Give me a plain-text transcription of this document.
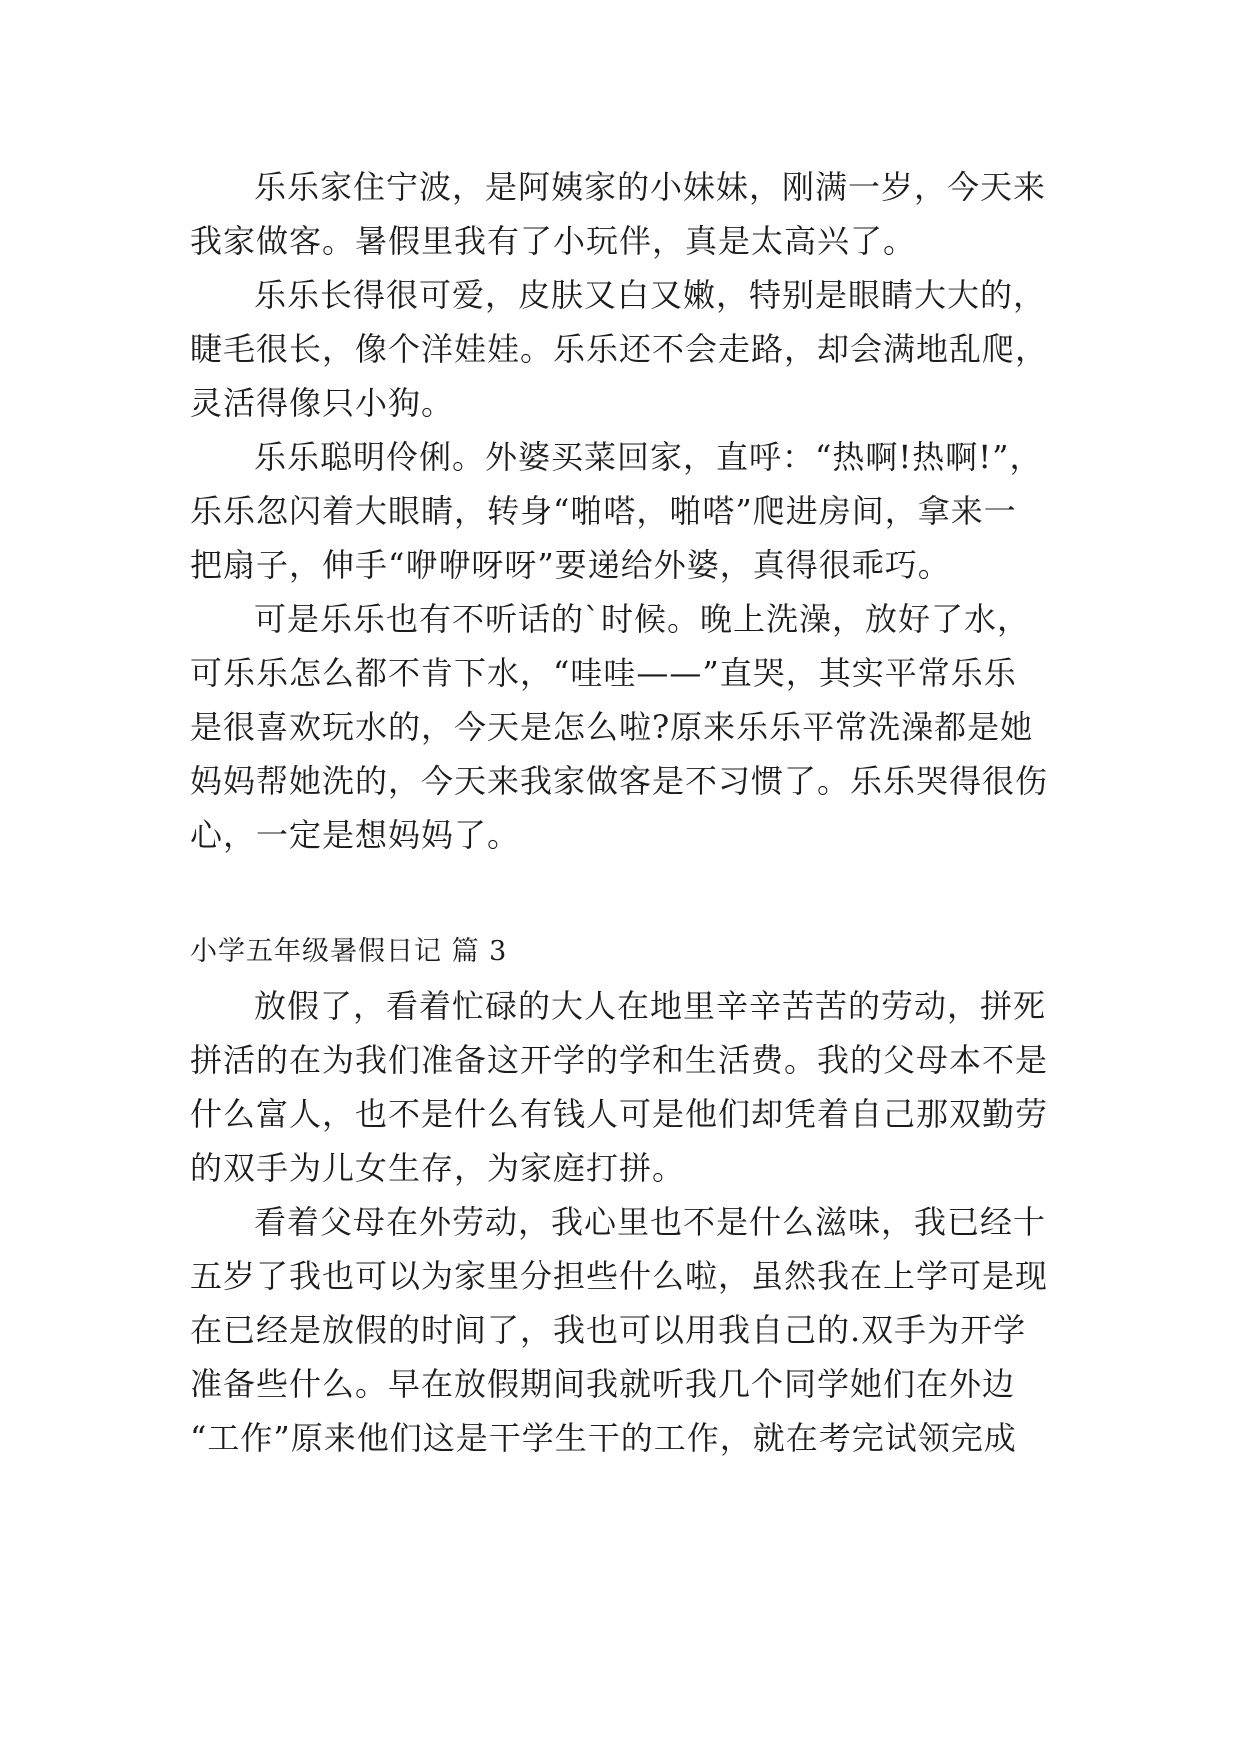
乐乐家住宁波，是阿姨家的小妹妹，刚满一岁，今天来
我家做客。暑假里我有了小玩伴，真是太高兴了。
乐乐长得很可爱，皮肤又白又嫩，特别是眼睛大大的，
睫毛很长，像个洋娃娃。乐乐还不会走路，却会满地乱爬，
灵活得像只小狗。
乐乐聪明伶俐。外婆买菜回家，直呼：“热啊!热啊!”，
乐乐忽闪着大眼睛，转身“啪嗒，啪嗒”爬进房间，拿来一
把扇子，伸手“咿咿呀呀”要递给外婆，真得很乖巧。
可是乐乐也有不听话的`时候。晚上洗澡，放好了水，
可乐乐怎么都不肯下水，“哇哇——”直哭，其实平常乐乐
是很喜欢玩水的，今天是怎么啦?原来乐乐平常洗澡都是她
妈妈帮她洗的，今天来我家做客是不习惯了。乐乐哭得很伤
心，一定是想妈妈了。
小学五年级暑假日记 篇 3
放假了，看着忙碌的大人在地里辛辛苦苦的劳动，拼死
拼活的在为我们准备这开学的学和生活费。我的父母本不是
什么富人，也不是什么有钱人可是他们却凭着自己那双勤劳
的双手为儿女生存，为家庭打拼。
看着父母在外劳动，我心里也不是什么滋味，我已经十
五岁了我也可以为家里分担些什么啦，虽然我在上学可是现
在已经是放假的时间了，我也可以用我自己的.双手为开学
准备些什么。早在放假期间我就听我几个同学她们在外边
“工作”原来他们这是干学生干的工作，就在考完试领完成
